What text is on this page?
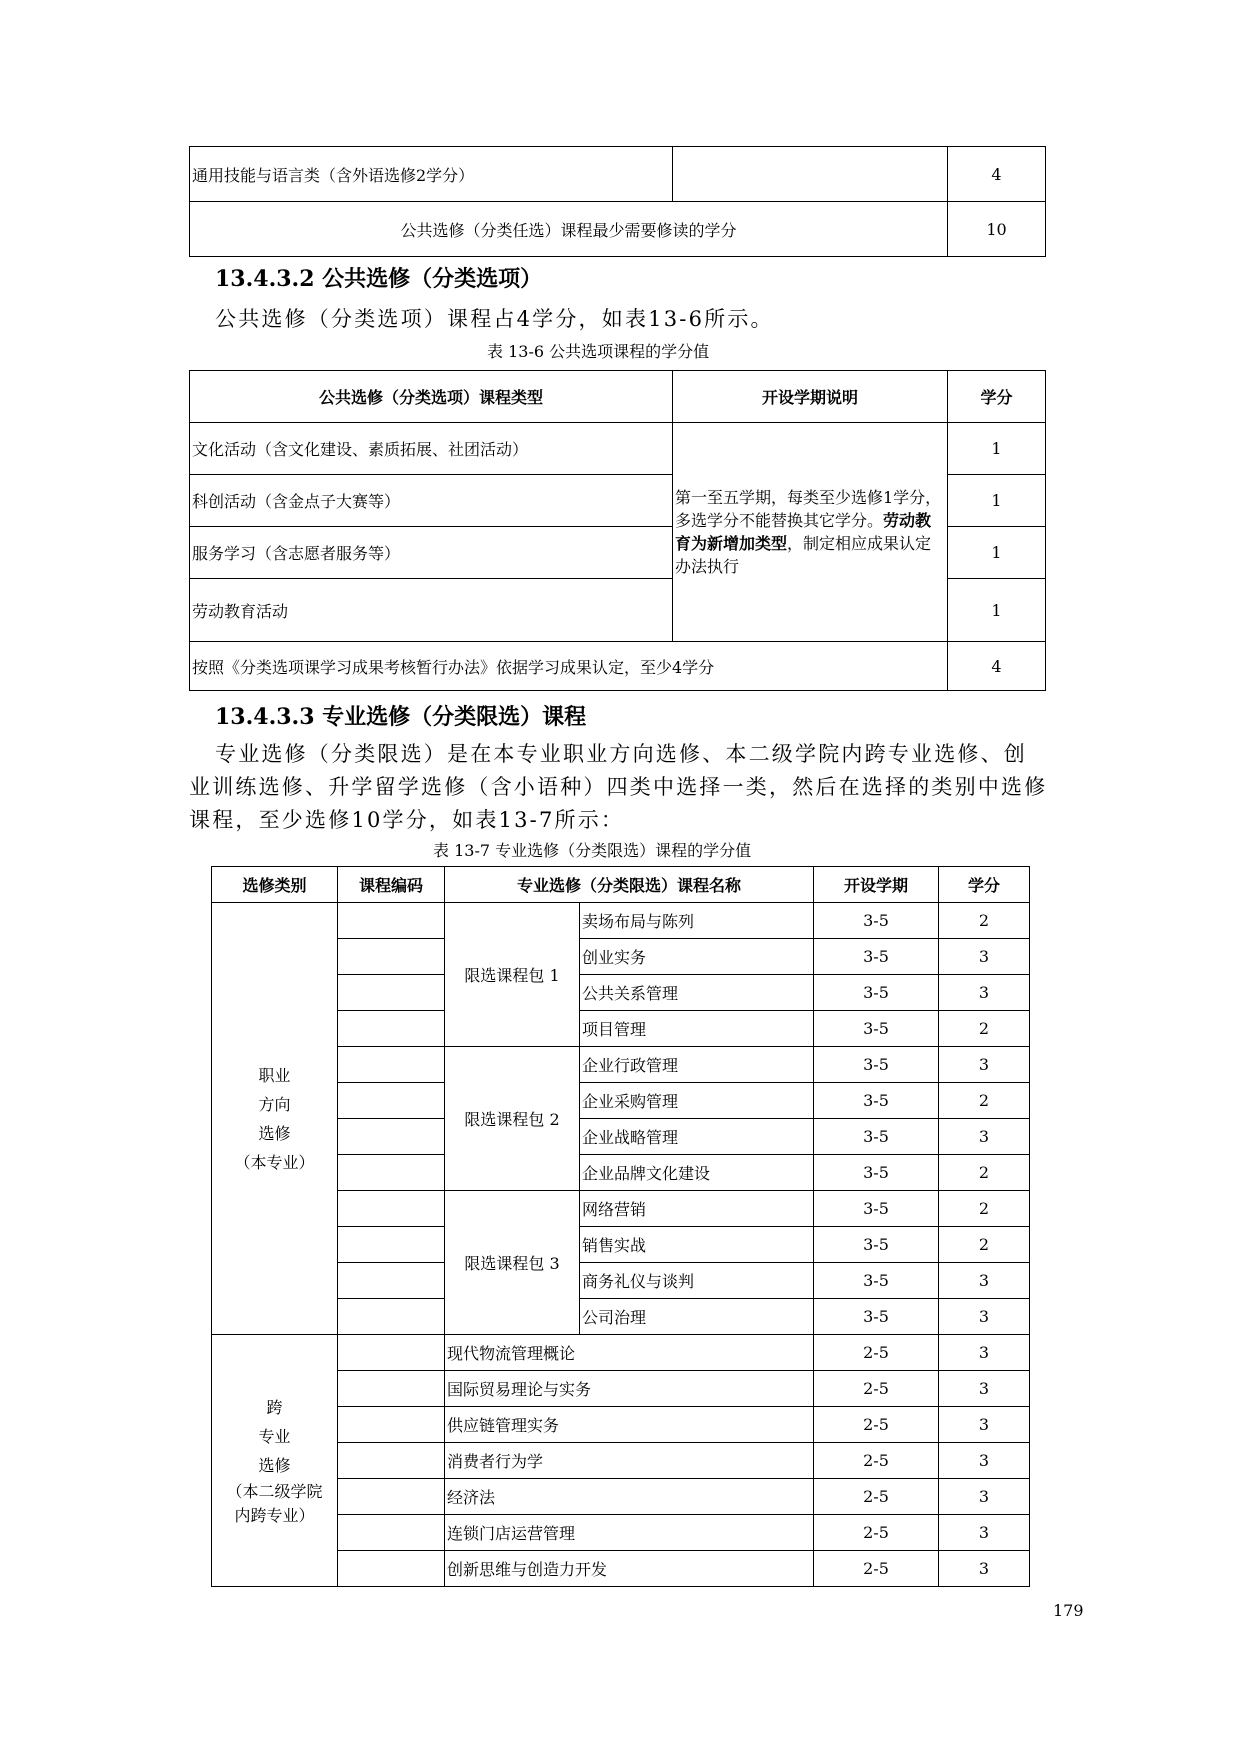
通用技能与语言类（含外语选修2学分）		4
公共选修（分类任选）课程最少需要修读的学分		10
13.4.3.2 公共选修（分类选项）
公共选修（分类选项）课程占4学分，如表13-6所示。
表 13-6 公共选项课程的学分值
公共选修（分类选项）课程类型	开设学期说明	学分
文化活动（含文化建设、素质拓展、社团活动）	第一至五学期，每类至少选修1学分，多选学分不能替换其它学分。劳动教育为新增加类型，制定相应成果认定办法执行	1
科创活动（含金点子大赛等）		1
服务学习（含志愿者服务等）		1
劳动教育活动		1
按照《分类选项课学习成果考核暂行办法》依据学习成果认定，至少4学分		4
13.4.3.3 专业选修（分类限选）课程
专业选修（分类限选）是在本专业职业方向选修、本二级学院内跨专业选修、创
业训练选修、升学留学选修（含小语种）四类中选择一类，然后在选择的类别中选修
课程，至少选修10学分，如表13-7所示：
表 13-7 专业选修（分类限选）课程的学分值
选修类别	课程编码	专业选修（分类限选）课程名称		开设学期	学分

职业
方向
选修
（本专业）		限选课程包 1	卖场布局与陈列	3-5	2
			创业实务	3-5	3
			公共关系管理	3-5	3
			项目管理	3-5	2
		限选课程包 2	企业行政管理	3-5	3
			企业采购管理	3-5	2
			企业战略管理	3-5	3
			企业品牌文化建设	3-5	2
		限选课程包 3	网络营销	3-5	2
			销售实战	3-5	2
			商务礼仪与谈判	3-5	3
			公司治理	3-5	3

跨
专业
选修
（本二级学院
内跨专业）		现代物流管理概论		2-5	3
		国际贸易理论与实务		2-5	3
		供应链管理实务		2-5	3
		消费者行为学		2-5	3
		经济法		2-5	3
		连锁门店运营管理		2-5	3
		创新思维与创造力开发		2-5	3
179
